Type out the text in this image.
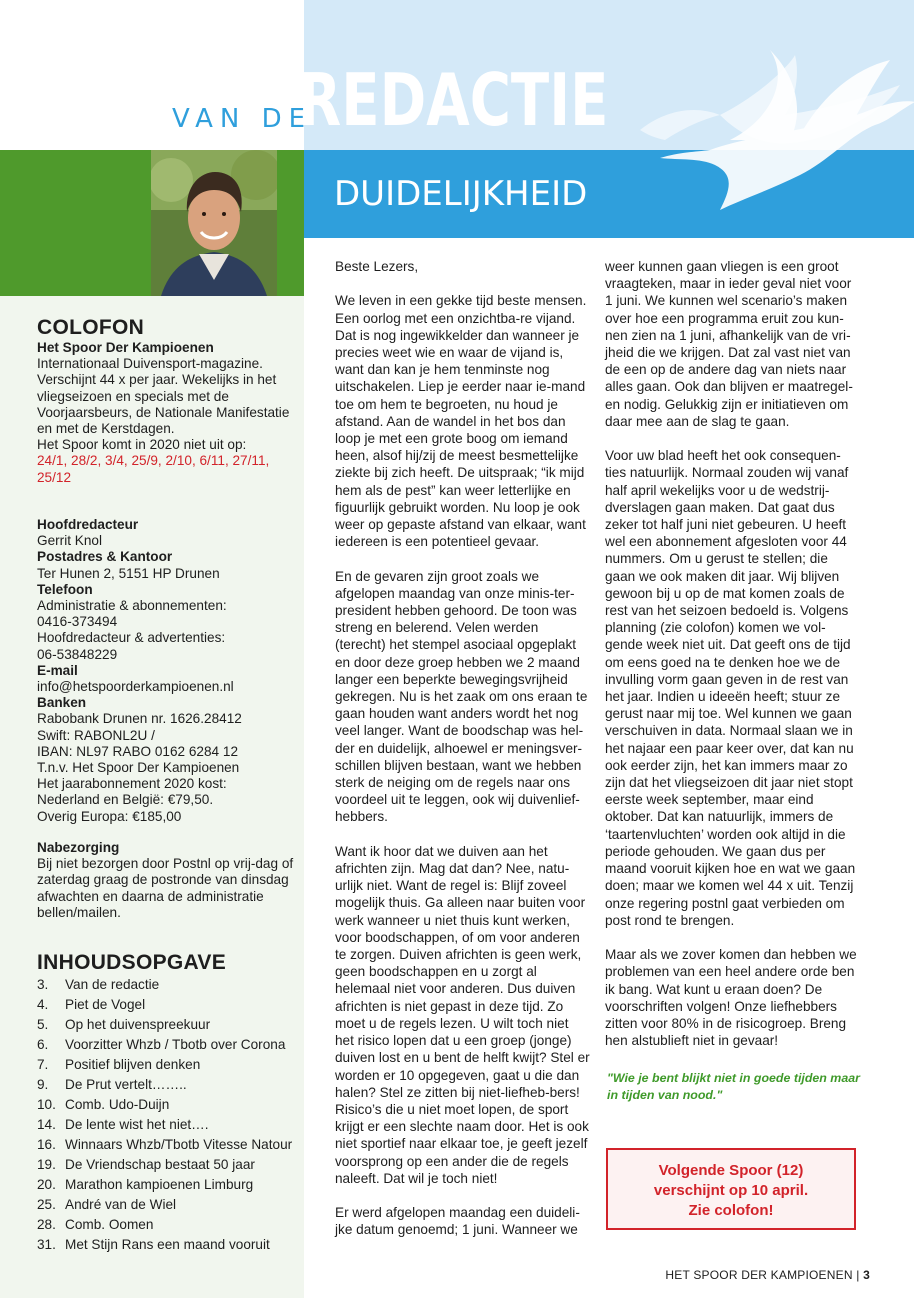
VAN DE
REDACTIE
DUIDELIJKHEID
COLOFON

Het Spoor Der Kampioenen

Internationaal Duivensport-magazine. Verschijnt 44 x per jaar. Wekelijks in het vliegseizoen en specials met de Voorjaarsbeurs, de Nationale Manifestatie en met de Kerstdagen.

Het Spoor komt in 2020 niet uit op:

24/1, 28/2, 3/4, 25/9, 2/10, 6/11, 27/11, 25/12

Hoofdredacteur

Gerrit Knol

Postadres & Kantoor

Ter Hunen 2, 5151 HP Drunen

Telefoon

Administratie & abonnementen:

0416-373494

Hoofdredacteur & advertenties:

06-53848229

E-mail

info@hetspoorderkampioenen.nl

Banken

Rabobank Drunen nr. 1626.28412

Swift: RABONL2U /

IBAN: NL97 RABO 0162 6284 12

T.n.v. Het Spoor Der Kampioenen

Het jaarabonnement 2020 kost:

Nederland en België: €79,50.

Overig Europa: €185,00

Nabezorging

Bij niet bezorgen door Postnl op vrij-dag of zaterdag graag de postronde van dinsdag afwachten en daarna de administratie bellen/mailen.

INHOUDSOPGAVE
3.	Van de redactie
4.	Piet de Vogel
5.	Op het duivenspreekuur
6.	Voorzitter Whzb / Tbotb over Corona
7.	Positief blijven denken
9.	De Prut vertelt……..
10. Comb. Udo-Duijn
14. De lente wist het niet….
16. Winnaars Whzb/Tbotb Vitesse Natour
19. De Vriendschap bestaat 50 jaar
20. Marathon kampioenen Limburg
25. André van de Wiel
28. Comb. Oomen
31. Met Stijn Rans een maand vooruit

Beste Lezers,

We leven in een gekke tijd beste mensen. Een oorlog met een onzichtba-re vijand. Dat is nog ingewikkelder dan wanneer je precies weet wie en waar de vijand is, want dan kan je hem tenminste nog uitschakelen. Liep je eerder naar ie-mand toe om hem te begroeten, nu houd je afstand. Aan de wandel in het bos dan loop je met een grote boog om iemand heen, alsof hij/zij de meest besmettelijke ziekte bij zich heeft. De uitspraak; “ik mijd hem als de pest” kan weer letterlijke en figuurlijk gebruikt worden. Nu loop je ook weer op gepaste afstand van elkaar, want iedereen is een potentieel gevaar.

En de gevaren zijn groot zoals we afgelopen maandag van onze minis-ter-president hebben gehoord. De toon was streng en belerend. Velen werden (terecht) het stempel asociaal opgeplakt en door deze groep hebben we 2 maand langer een beperkte bewegingsvrijheid gekregen. Nu is het zaak om ons eraan te gaan houden want anders wordt het nog veel langer. Want de boodschap was hel-der en duidelijk, alhoewel er meningsver-schillen blijven bestaan, want we hebben sterk de neiging om de regels naar ons voordeel uit te leggen, ook wij duivenlief-hebbers.

Want ik hoor dat we duiven aan het africhten zijn. Mag dat dan? Nee, natu-urlijk niet. Want de regel is: Blijf zoveel mogelijk thuis. Ga alleen naar buiten voor werk wanneer u niet thuis kunt werken, voor boodschappen, of om voor anderen te zorgen. Duiven africhten is geen werk, geen boodschappen en u zorgt al helemaal niet voor anderen. Dus duiven africhten is niet gepast in deze tijd. Zo moet u de regels lezen. U wilt toch niet het risico lopen dat u een groep (jonge) duiven lost en u bent de helft kwijt? Stel er worden er 10 opgegeven, gaat u die dan halen? Stel ze zitten bij niet-liefheb-bers! Risico’s die u niet moet lopen, de sport krijgt er een slechte naam door. Het is ook niet sportief naar elkaar toe, je geeft jezelf voorsprong op een ander die de regels naleeft. Dat wil je toch niet!

Er werd afgelopen maandag een duideli-jke datum genoemd; 1 juni. Wanneer we

weer kunnen gaan vliegen is een groot vraagteken, maar in ieder geval niet voor 1 juni. We kunnen wel scenario’s maken over hoe een programma eruit zou kun-nen zien na 1 juni, afhankelijk van de vri-jheid die we krijgen. Dat zal vast niet van de een op de andere dag van niets naar alles gaan. Ook dan blijven er maatregel-en nodig. Gelukkig zijn er initiatieven om daar mee aan de slag te gaan.

Voor uw blad heeft het ook consequen-ties natuurlijk. Normaal zouden wij vanaf half april wekelijks voor u de wedstrij-dverslagen gaan maken. Dat gaat dus zeker tot half juni niet gebeuren. U heeft wel een abonnement afgesloten voor 44 nummers. Om u gerust te stellen; die gaan we ook maken dit jaar. Wij blijven gewoon bij u op de mat komen zoals de rest van het seizoen bedoeld is. Volgens planning (zie colofon) komen we vol-gende week niet uit. Dat geeft ons de tijd om eens goed na te denken hoe we de invulling vorm gaan geven in de rest van het jaar. Indien u ideeën heeft; stuur ze gerust naar mij toe. Wel kunnen we gaan verschuiven in data. Normaal slaan we in het najaar een paar keer over, dat kan nu ook eerder zijn, het kan immers maar zo zijn dat het vliegseizoen dit jaar niet stopt eerste week september, maar eind oktober. Dat kan natuurlijk, immers de ‘taartenvluchten’ worden ook altijd in die periode gehouden. We gaan dus per maand vooruit kijken hoe en wat we gaan doen; maar we komen wel 44 x uit. Tenzij onze regering postnl gaat verbieden om post rond te brengen.

Maar als we zover komen dan hebben we problemen van een heel andere orde ben ik bang. Wat kunt u eraan doen? De voorschriften volgen! Onze liefhebbers zitten voor 80% in de risicogroep. Breng hen alstublieft niet in gevaar!

"Wie je bent blijkt niet in goede tijden maar in tijden van nood."
Volgende Spoor (12)
verschijnt op 10 april.
Zie colofon!
HET SPOOR DER KAMPIOENEN | 3
